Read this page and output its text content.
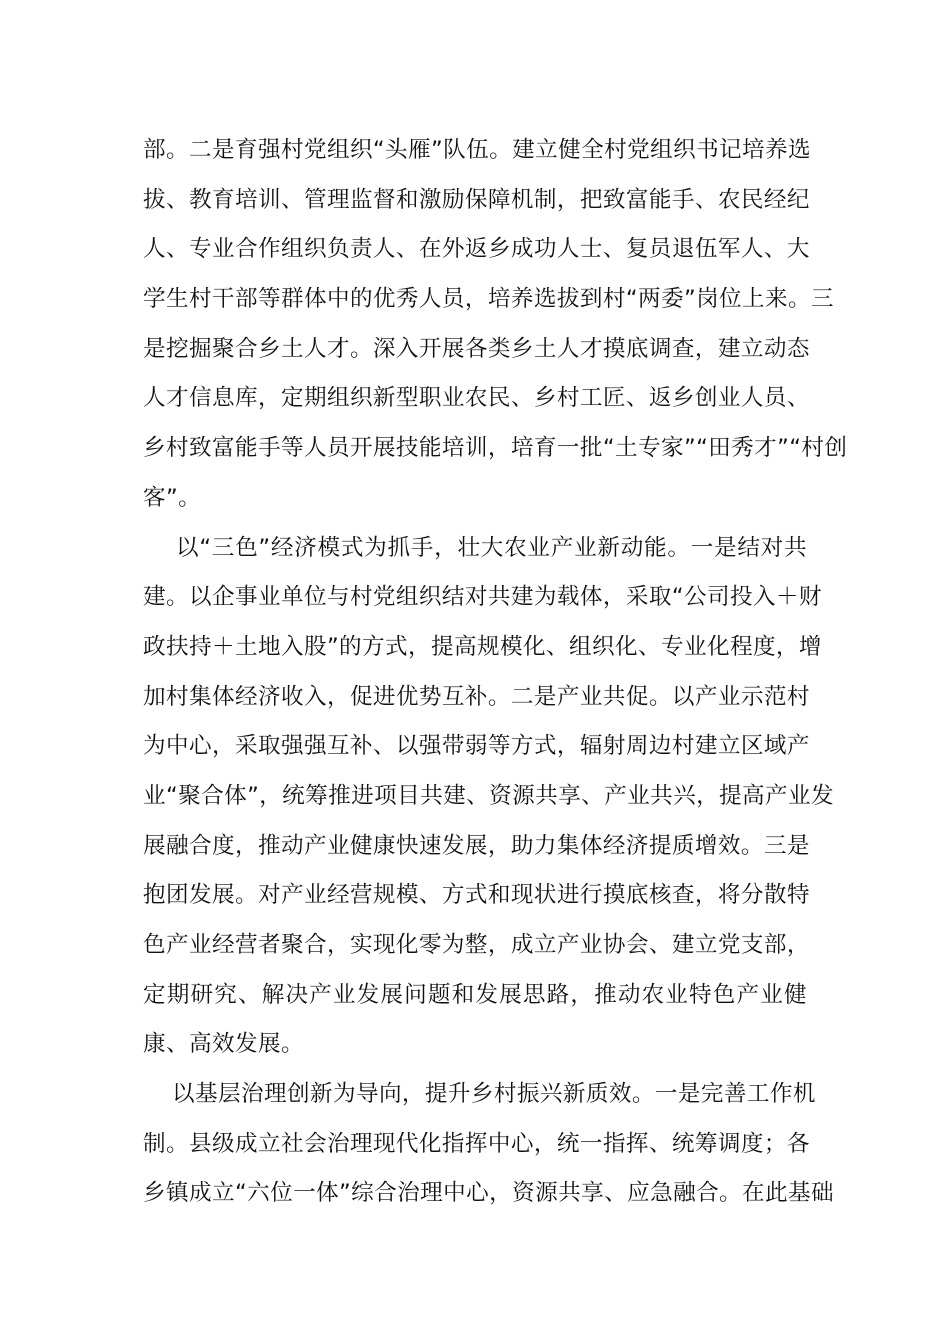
部。二是育强村党组织“头雁”队伍。建立健全村党组织书记培养选
拔、教育培训、管理监督和激励保障机制，把致富能手、农民经纪
人、专业合作组织负责人、在外返乡成功人士、复员退伍军人、大
学生村干部等群体中的优秀人员，培养选拔到村“两委”岗位上来。三
是挖掘聚合乡土人才。深入开展各类乡土人才摸底调查，建立动态
人才信息库，定期组织新型职业农民、乡村工匠、返乡创业人员、
乡村致富能手等人员开展技能培训，培育一批“土专家”“田秀才”“村创
客”。
以“三色”经济模式为抓手，壮大农业产业新动能。一是结对共
建。以企事业单位与村党组织结对共建为载体，采取“公司投入＋财
政扶持＋土地入股”的方式，提高规模化、组织化、专业化程度，增
加村集体经济收入，促进优势互补。二是产业共促。以产业示范村
为中心，采取强强互补、以强带弱等方式，辐射周边村建立区域产
业“聚合体”，统筹推进项目共建、资源共享、产业共兴，提高产业发
展融合度，推动产业健康快速发展，助力集体经济提质增效。三是
抱团发展。对产业经营规模、方式和现状进行摸底核查，将分散特
色产业经营者聚合，实现化零为整，成立产业协会、建立党支部，
定期研究、解决产业发展问题和发展思路，推动农业特色产业健
康、高效发展。
以基层治理创新为导向，提升乡村振兴新质效。一是完善工作机
制。县级成立社会治理现代化指挥中心，统一指挥、统筹调度；各
乡镇成立“六位一体”综合治理中心，资源共享、应急融合。在此基础
